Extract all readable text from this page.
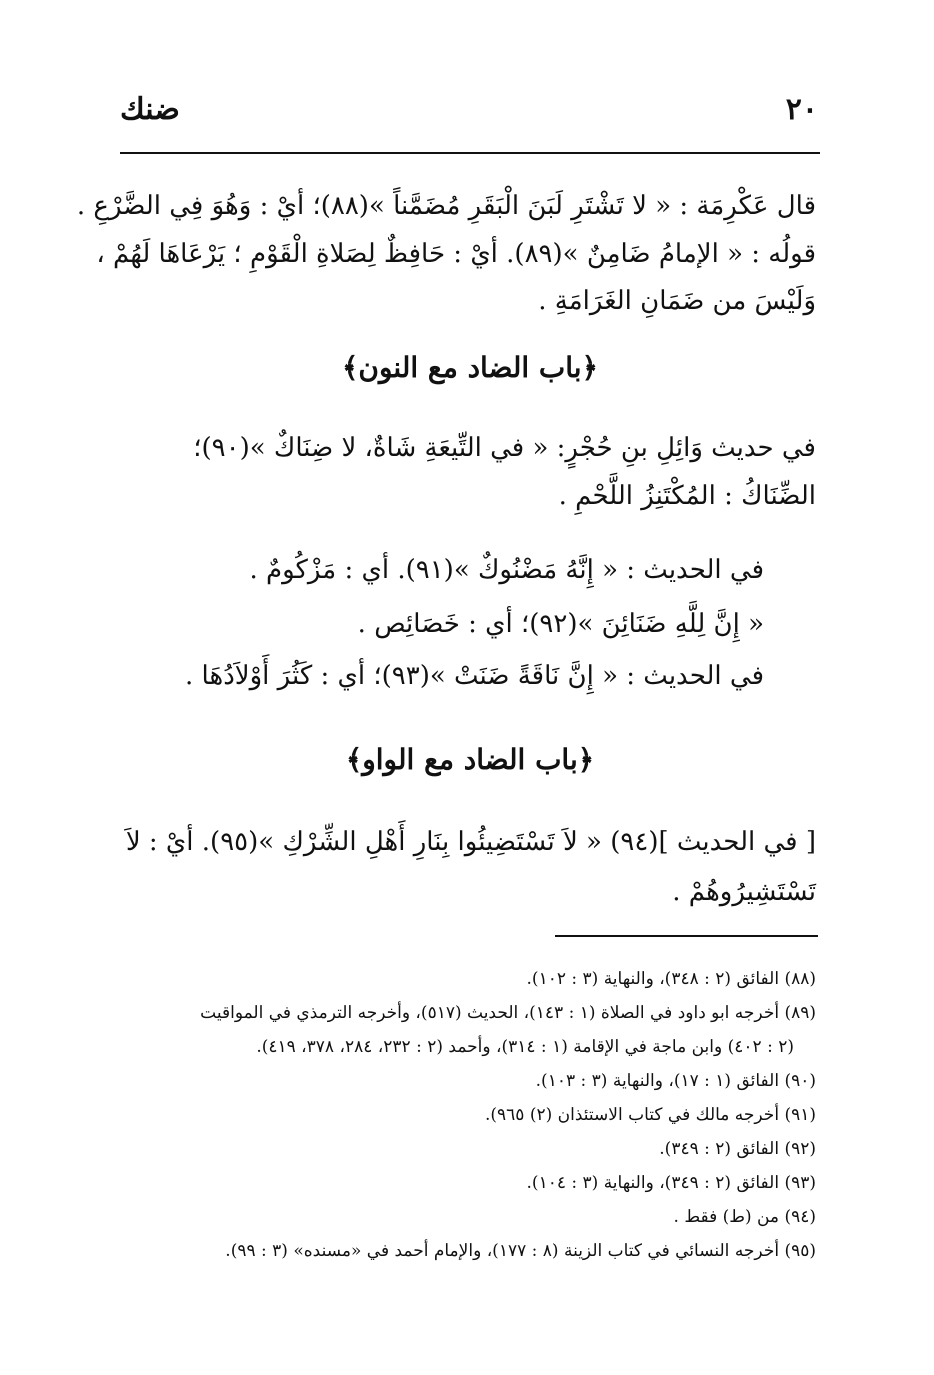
٢٠
ضنك
قال عَكْرِمَة : « لا تَشْتَرِ لَبَنَ الْبَقَرِ مُضَمَّناً »(٨٨)؛ أيْ : وَهُوَ فِي الضَّرْعِ .
قولُه : « الإمامُ ضَامِنٌ »(٨٩). أيْ : حَافِظٌ لِصَلاةِ الْقَوْمِ ؛ يَرْعَاهَا لَهُمْ ،
وَلَيْسَ من ضَمَانِ الغَرَامَةِ .
﴿باب الضاد مع النون﴾
في حديث وَائِلِ بنِ حُجْرٍ: « في التِّيعَةِ شَاةٌ، لا ضِنَاكٌ »(٩٠)؛
الضِّنَاكُ : المُكْتَنِزُ اللَّحْمِ .
في الحديث : « إِنَّهُ مَضْنُوكٌ »(٩١). أي : مَزْكُومٌ .
« إِنَّ لِلَّهِ ضَنَائِنَ »(٩٢)؛ أي : خَصَائِص .
في الحديث : « إِنَّ نَاقَةً ضَنَتْ »(٩٣)؛ أي : كَثُرَ أَوْلاَدُهَا .
﴿باب الضاد مع الواو﴾
[ في الحديث ](٩٤) « لاَ تَسْتَضِيئُوا بِنَارِ أَهْلِ الشِّرْكِ »(٩٥). أيْ : لاَ
تَسْتَشِيرُوهُمْ .
(٨٨) الفائق (٢ : ٣٤٨)، والنهاية (٣ : ١٠٢).
(٨٩) أخرجه ابو داود في الصلاة (١ : ١٤٣)، الحديث (٥١٧)، وأخرجه الترمذي في المواقيت
(٢ : ٤٠٢) وابن ماجة في الإقامة (١ : ٣١٤)، وأحمد (٢ : ٢٣٢، ٢٨٤، ٣٧٨، ٤١٩).
(٩٠) الفائق (١ : ١٧)، والنهاية (٣ : ١٠٣).
(٩١) أخرجه مالك في كتاب الاستئذان (٢) ٩٦٥).
(٩٢) الفائق (٢ : ٣٤٩).
(٩٣) الفائق (٢ : ٣٤٩)، والنهاية (٣ : ١٠٤).
(٩٤) من (ط) فقط .
(٩٥) أخرجه النسائي في كتاب الزينة (٨ : ١٧٧)، والإمام أحمد في «مسنده» (٣ : ٩٩).
